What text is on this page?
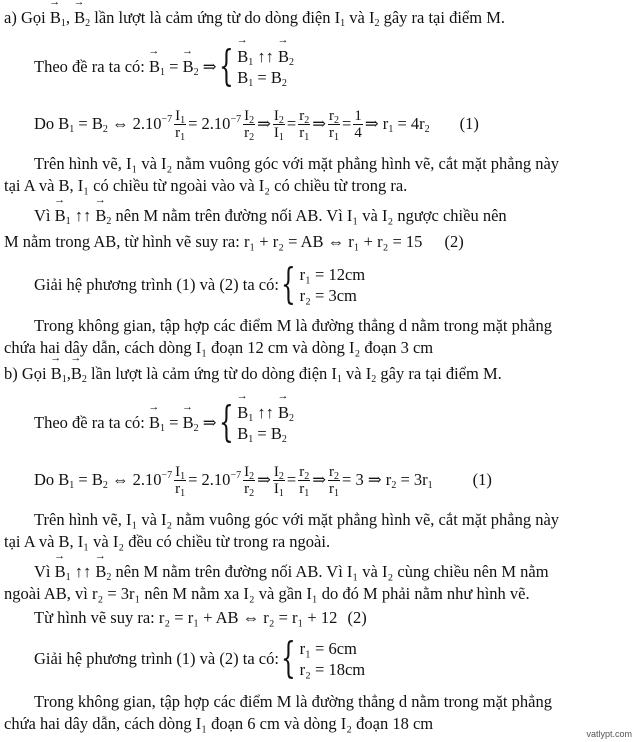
a) Gọi → $B_1$, → $B_2$ lần lượt là cảm ứng từ do dòng điện $I_1$ và $I_2$ gây ra tại điểm M.
Theo đề ra ta có: → $B_1$ = → $B_2$ ⇒ { → $B_1$ ↑↑ → $B_2$
$B_1 = B_2$
Do $B_1 = B_2$ ⇔ $2.10^{-7} \frac{I_1}{r_1} = 2.10^{-7} \frac{I_2}{r_2}$ ⇒ $\frac{I_2}{I_1} = \frac{r_2}{r_1}$ ⇒ $\frac{r_2}{r_1} = \frac{1}{4}$ ⇒ $r_1 = 4r_2$ (1)
Trên hình vẽ, I₁ và I₂ nằm vuông góc với mặt phẳng hình vẽ, cắt mặt phẳng này
tại A và B, I₁ có chiều từ ngoài vào và I₂ có chiều từ trong ra.
Vì → $B_1$ ↑↑ → $B_2$ nên M nằm trên đường nối AB. Vì I₁ và I₂ ngược chiều nên
M nằm trong AB, từ hình vẽ suy ra: r₁ + r₂ = AB ⇔ r₁ + r₂ = 15 (2)
Giải hệ phương trình (1) và (2) ta có: { r₁ = 12cm
r₂ = 3cm
Trong không gian, tập hợp các điểm M là đường thẳng d nằm trong mặt phẳng
chứa hai dây dẫn, cách dòng I₁ đoạn 12 cm và dòng I₂ đoạn 3 cm
b) Gọi → $B_1,\to B_2$ lần lượt là cảm ứng từ do dòng điện $I_1$ và $I_2$ gây ra tại điểm M.
Theo đề ra ta có: → $B_1$ = → $B_2$ ⇒ { → $B_1$ ↑↑ → $B_2$
$B_1 = B_2$
Do $B_1 = B_2$ ⇔ $2.10^{-7} \frac{I_1}{r_1} = 2.10^{-7} \frac{I_2}{r_2}$ ⇒ $\frac{I_2}{I_1} = \frac{r_2}{r_1}$ ⇒ $\frac{r_2}{r_1} = 3$ ⇒ $r_2 = 3r_1$ (1)
Trên hình vẽ, I₁ và I₂ nằm vuông góc với mặt phẳng hình vẽ, cắt mặt phẳng này
tại A và B, I₁ và I₂ đều có chiều từ trong ra ngoài.
Vì → $B_1$ ↑↑ → $B_2$ nên M nằm trên đường nối AB. Vì I₁ và I₂ cùng chiều nên M nằm
ngoài AB, vì r₂ = 3r₁ nên M nằm xa I₂ và gần I₁ do đó M phải nằm như hình vẽ.
Từ hình vẽ suy ra: r₂ = r₁ + AB ⇔ r₂ = r₁ + 12 (2)
Giải hệ phương trình (1) và (2) ta có: { r₁ = 6cm
r₂ = 18cm
Trong không gian, tập hợp các điểm M là đường thẳng d nằm trong mặt phẳng
chứa hai dây dẫn, cách dòng I₁ đoạn 6 cm và dòng I₂ đoạn 18 cm
vatlypt.com
